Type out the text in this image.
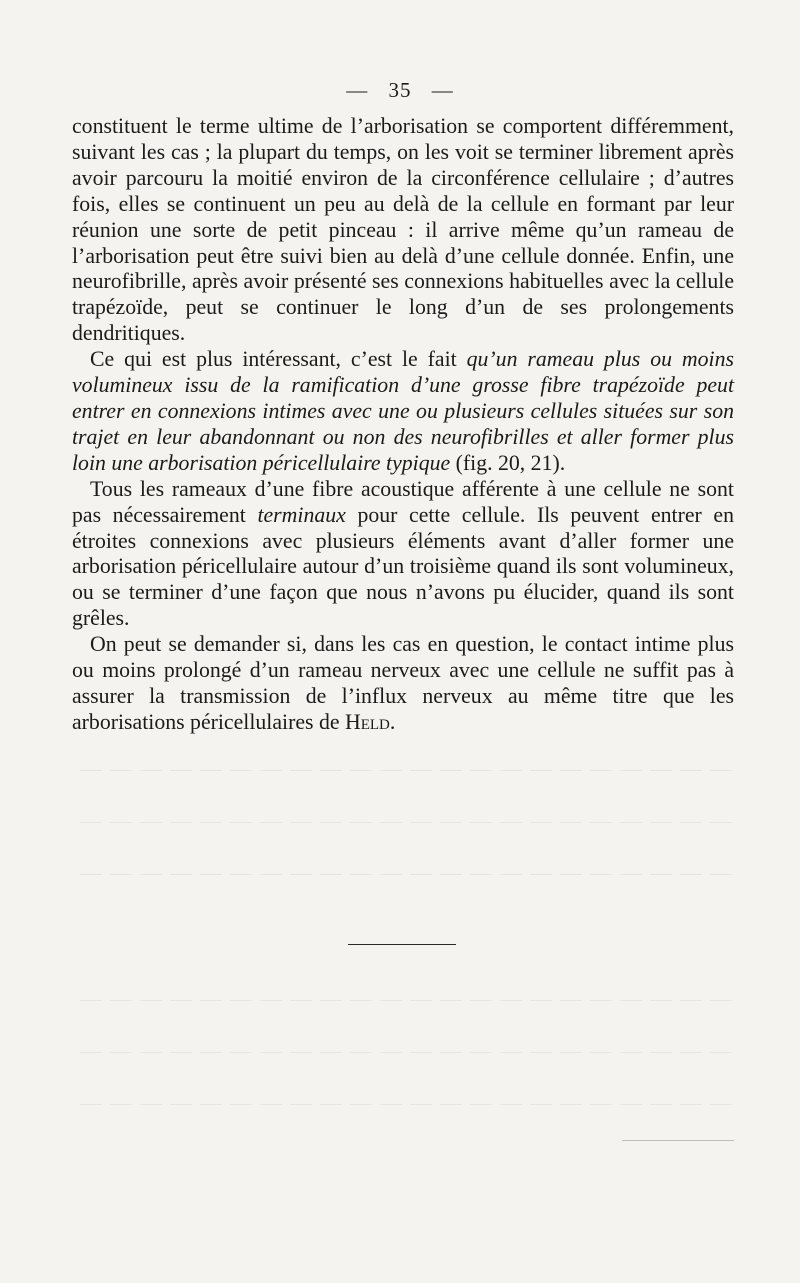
— 35 —

constituent le terme ultime de l’arborisation se comportent différemment, suivant les cas ; la plupart du temps, on les voit se terminer librement après avoir parcouru la moitié environ de la circonférence cellulaire ; d’autres fois, elles se continuent un peu au delà de la cellule en formant par leur réunion une sorte de petit pinceau : il arrive même qu’un rameau de l’arborisation peut être suivi bien au delà d’une cellule donnée. Enfin, une neurofibrille, après avoir présenté ses connexions habituelles avec la cellule trapézoïde, peut se continuer le long d’un de ses prolongements dendritiques.

Ce qui est plus intéressant, c’est le fait qu’un rameau plus ou moins volumineux issu de la ramification d’une grosse fibre trapézoïde peut entrer en connexions intimes avec une ou plusieurs cellules situées sur son trajet en leur abandonnant ou non des neurofibrilles et aller former plus loin une arborisation péricellulaire typique (fig. 20, 21).

Tous les rameaux d’une fibre acoustique afférente à une cellule ne sont pas nécessairement terminaux pour cette cellule. Ils peuvent entrer en étroites connexions avec plusieurs éléments avant d’aller former une arborisation péricellulaire autour d’un troisième quand ils sont volumineux, ou se terminer d’une façon que nous n’avons pu élucider, quand ils sont grêles.

On peut se demander si, dans les cas en question, le contact intime plus ou moins prolongé d’un rameau nerveux avec une cellule ne suffit pas à assurer la transmission de l’influx nerveux au même titre que les arborisations péricellulaires de Held.
